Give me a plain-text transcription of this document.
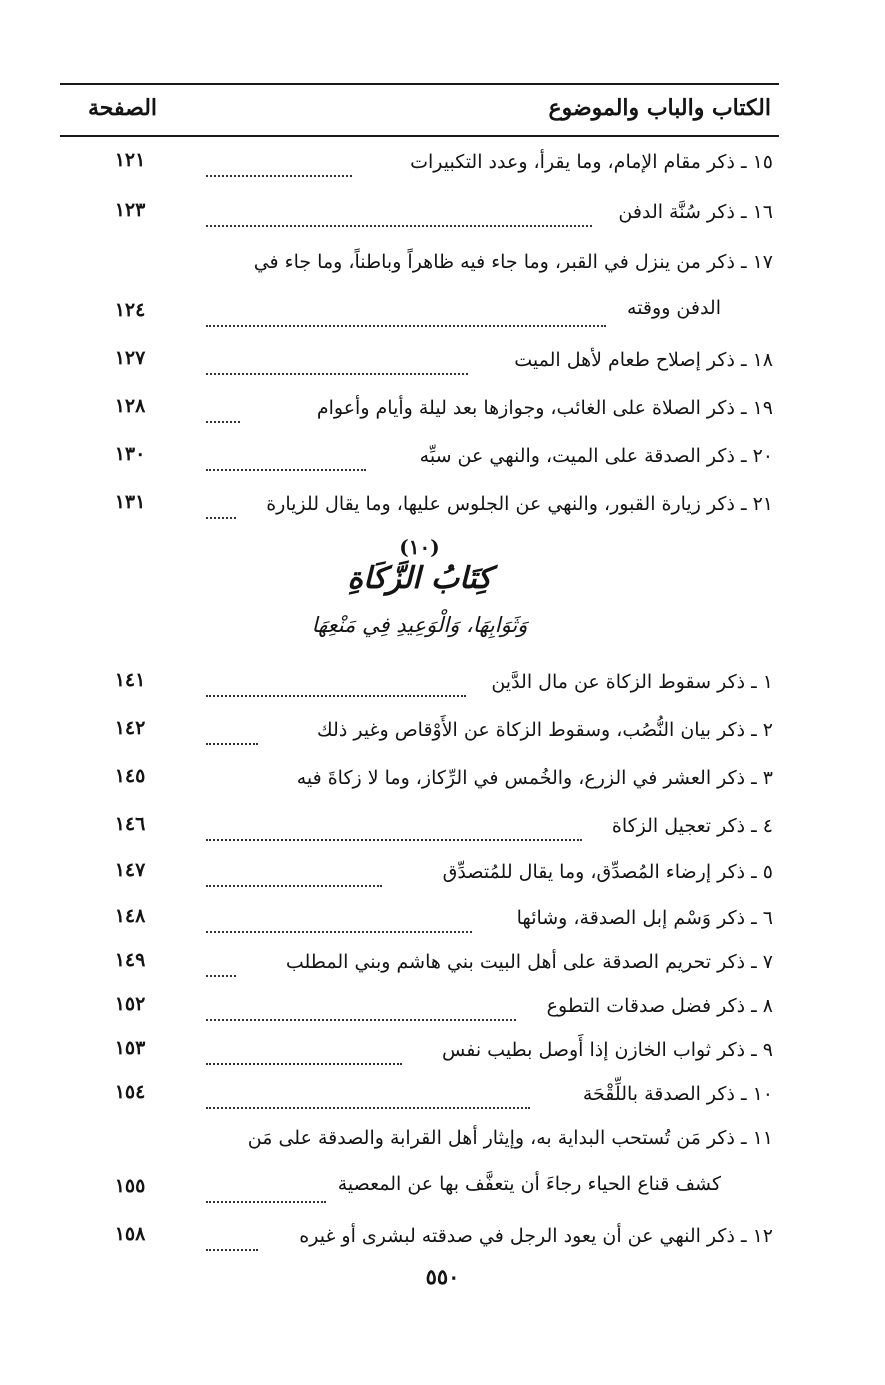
الكتاب والباب والموضوع
الصفحة
١٥ ـ ذكر مقام الإمام، وما يقرأ، وعدد التكبيرات
١٢١
١٦ ـ ذكر سُنَّة الدفن
١٢٣
١٧ ـ ذكر من ينزل في القبر، وما جاء فيه ظاهراً وباطناً، وما جاء في
الدفن ووقته
١٢٤
١٨ ـ ذكر إصلاح طعام لأهل الميت
١٢٧
١٩ ـ ذكر الصلاة على الغائب، وجوازها بعد ليلة وأيام وأعوام
١٢٨
٢٠ ـ ذكر الصدقة على الميت، والنهي عن سبِّه
١٣٠
٢١ ـ ذكر زيارة القبور، والنهي عن الجلوس عليها، وما يقال للزيارة
١٣١
(١٠)
كِتَابُ الزَّكَاةِ
وَثَوَابِهَا، وَالْوَعِيدِ فِي مَنْعِهَا
١ ـ ذكر سقوط الزكاة عن مال الدَّين
١٤١
٢ ـ ذكر بيان النُّصُب، وسقوط الزكاة عن الأَوْقاص وغير ذلك
١٤٢
٣ ـ ذكر العشر في الزرع، والخُمس في الرِّكاز، وما لا زكاةَ فيه
١٤٥
٤ ـ ذكر تعجيل الزكاة
١٤٦
٥ ـ ذكر إرضاء المُصدِّق، وما يقال للمُتصدِّق
١٤٧
٦ ـ ذكر وَسْم إبل الصدقة، وشائها
١٤٨
٧ ـ ذكر تحريم الصدقة على أهل البيت بني هاشم وبني المطلب
١٤٩
٨ ـ ذكر فضل صدقات التطوع
١٥٢
٩ ـ ذكر ثواب الخازن إذا أَوصل بطيب نفس
١٥٣
١٠ ـ ذكر الصدقة باللِّقْحَة
١٥٤
١١ ـ ذكر مَن تُستحب البداية به، وإيثار أهل القرابة والصدقة على مَن
كشف قناع الحياء رجاءَ أن يتعفَّف بها عن المعصية
١٥٥
١٢ ـ ذكر النهي عن أن يعود الرجل في صدقته لبشرى أو غيره
١٥٨
٥٥٠
